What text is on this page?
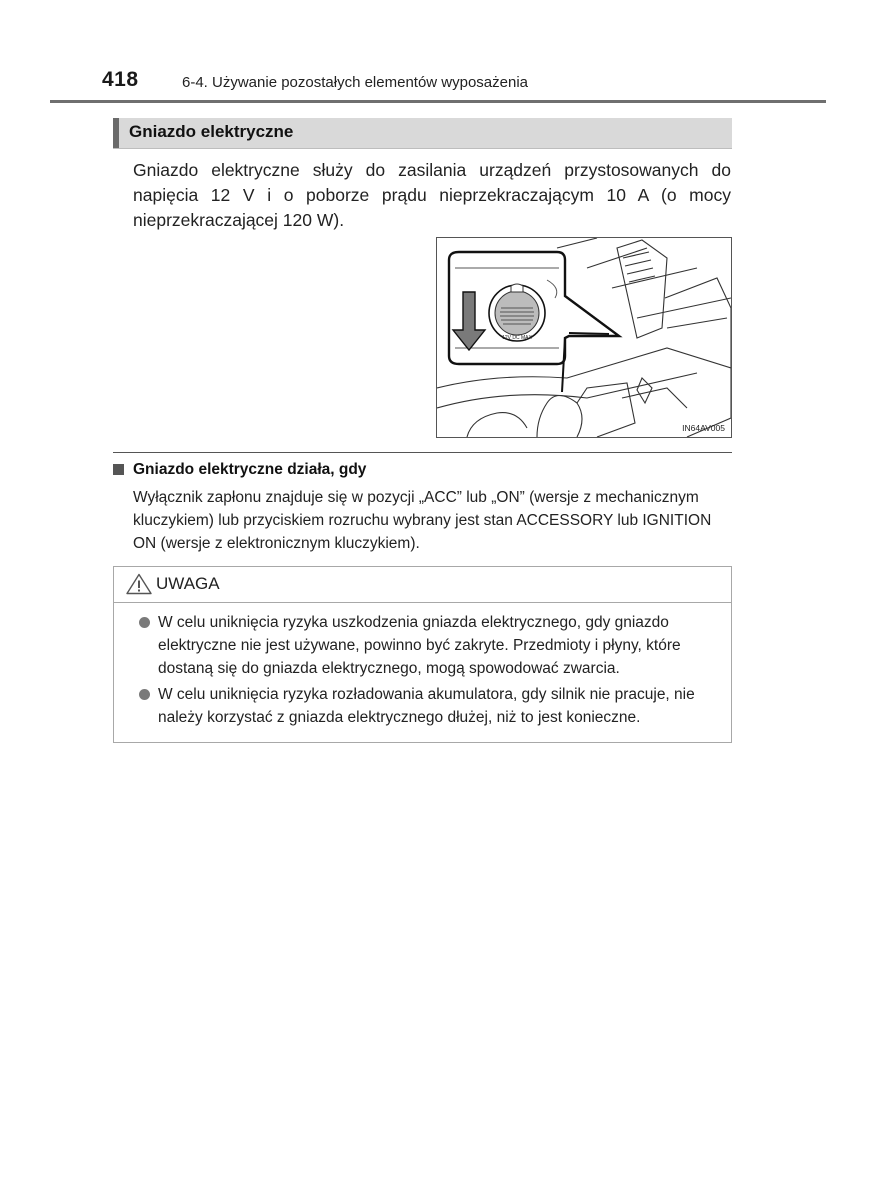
418	6-4. Używanie pozostałych elementów wyposażenia
Gniazdo elektryczne
Gniazdo elektryczne służy do zasilania urządzeń przystosowanych do napięcia 12 V i o poborze prądu nieprzekraczającym 10 A (o mocy nieprzekraczającej 120 W).
12V DC MAX
IN64AV005
Gniazdo elektryczne działa, gdy
Wyłącznik zapłonu znajduje się w pozycji „ACC” lub „ON” (wersje z mechanicznym kluczykiem) lub przyciskiem rozruchu wybrany jest stan ACCESSORY lub IGNITION ON (wersje z elektronicznym kluczykiem).
UWAGA
W celu uniknięcia ryzyka uszkodzenia gniazda elektrycznego, gdy gniazdo elektryczne nie jest używane, powinno być zakryte. Przedmioty i płyny, które dostaną się do gniazda elektrycznego, mogą spowodować zwarcia.
W celu uniknięcia ryzyka rozładowania akumulatora, gdy silnik nie pracuje, nie należy korzystać z gniazda elektrycznego dłużej, niż to jest konieczne.
